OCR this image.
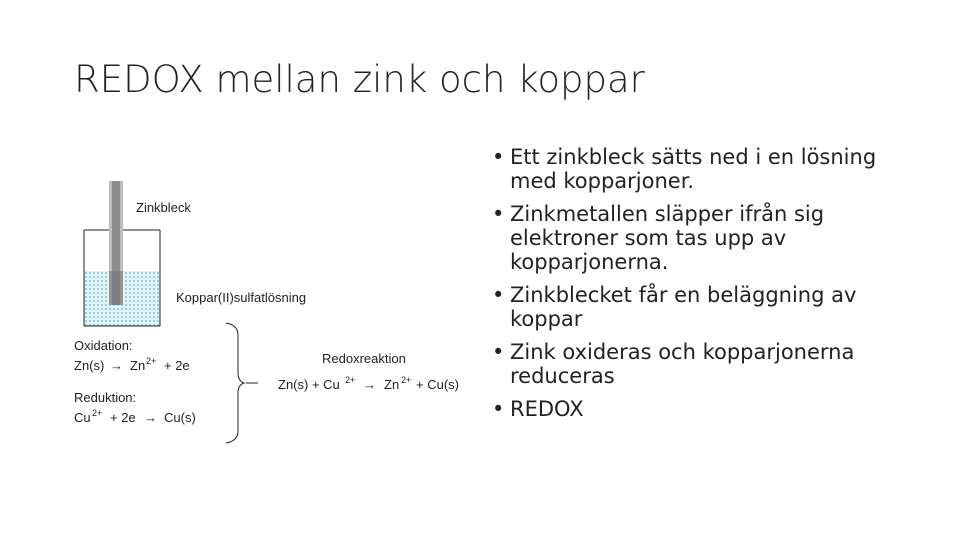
REDOX mellan zink och koppar
Zinkbleck
Koppar(II)sulfatlösning
Oxidation:
Zn(s) → Zn 2+ + 2e
Reduktion:
Cu 2+ + 2e → Cu(s)
Redoxreaktion
Zn(s) + Cu 2+ → Zn 2+ + Cu(s)
• Ett zinkbleck sätts ned i en lösning med kopparjoner.
• Zinkmetallen släpper ifrån sig elektroner som tas upp av kopparjonerna.
• Zinkblecket får en beläggning av koppar
• Zink oxideras och kopparjonerna reduceras
• REDOX
